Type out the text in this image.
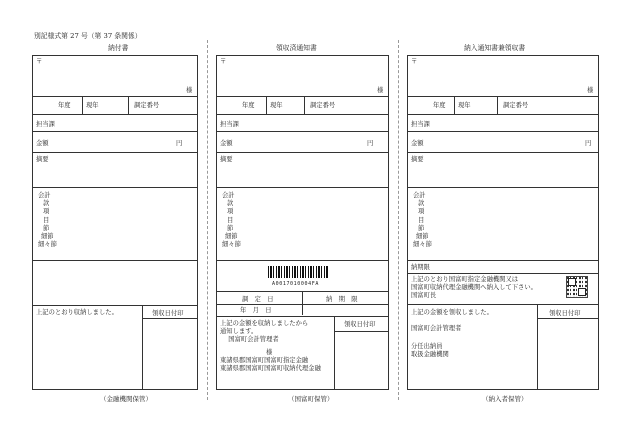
別記様式第 27 号（第 37 条関係）
納付書
〒
様
年度 現年	調定番号
担当課
金額	円
摘要
会計
款
項
目
節
細節
細々節
上記のとおり収納しました。	領収日付印
（金融機関保管）
領収済通知書
〒
様
年度 現年	調定番号
担当課
金額	円
摘要
会計
款
項
目
節
細節
細々節
A0017010004FA
調　定　日	納　期　限
年　月　日
上記の金額を収納しましたから
通知します。
　国富町会計管理者
様
東諸県郡国富町国富町指定金融
東諸県郡国富町国富町収納代理金融
領収日付印
（国富町保管）
納入通知書兼領収書
〒
様
年度 現年	調定番号
担当課
金額	円
摘要
会計
款
項
目
節
細節
細々節
納期限
上記のとおり国富町指定金融機関又は
国富町収納代理金融機関へ納入して下さい。
国富町長
上記の金額を領収しました。	領収日付印
国富町会計管理者
分任出納員
取扱金融機関
（納入者保管）
